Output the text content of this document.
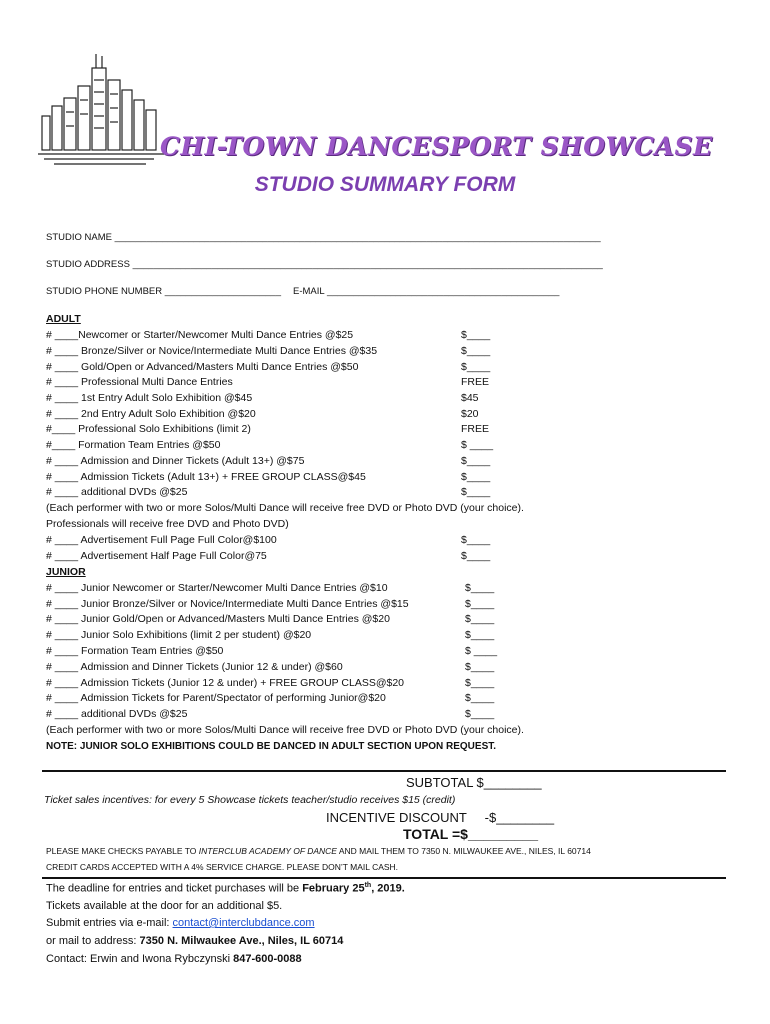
CHI-TOWN DANCESPORT SHOWCASE
STUDIO SUMMARY FORM
STUDIO NAME ____________________________________________________________________________________________
STUDIO ADDRESS _________________________________________________________________________________________
STUDIO PHONE NUMBER ______________________ E-MAIL ____________________________________________
ADULT
# ____Newcomer or Starter/Newcomer Multi Dance Entries @$25	$____
# ____ Bronze/Silver or Novice/Intermediate Multi Dance Entries @$35	$____
# ____ Gold/Open or Advanced/Masters Multi Dance Entries @$50	$____
# ____ Professional Multi Dance Entries	FREE
# ____ 1st Entry Adult Solo Exhibition @$45	$45
# ____ 2nd Entry Adult Solo Exhibition @$20	$20
#____ Professional Solo Exhibitions (limit 2)	FREE
#____ Formation Team Entries @$50	$ ____
# ____ Admission and Dinner Tickets (Adult 13+) @$75	$____
# ____ Admission Tickets (Adult 13+) + FREE GROUP CLASS@$45	$____
# ____ additional DVDs @$25	$____
(Each performer with two or more Solos/Multi Dance will receive free DVD or Photo DVD (your choice).
Professionals will receive free DVD and Photo DVD)
# ____ Advertisement Full Page Full Color@$100	$____
# ____ Advertisement Half Page Full Color@75	$____
JUNIOR
# ____ Junior Newcomer or Starter/Newcomer Multi Dance Entries @$10	$____
# ____ Junior Bronze/Silver or Novice/Intermediate Multi Dance Entries @$15	$____
# ____ Junior Gold/Open or Advanced/Masters Multi Dance Entries @$20	$____
# ____ Junior Solo Exhibitions (limit 2 per student) @$20	$____
# ____ Formation Team Entries @$50	$ ____
# ____ Admission and Dinner Tickets (Junior 12 & under) @$60	$____
# ____ Admission Tickets (Junior 12 & under) + FREE GROUP CLASS@$20	$____
# ____ Admission Tickets for Parent/Spectator of performing Junior@$20	$____
# ____ additional DVDs @$25	$____
(Each performer with two or more Solos/Multi Dance will receive free DVD or Photo DVD (your choice).
NOTE: JUNIOR SOLO EXHIBITIONS COULD BE DANCED IN ADULT SECTION UPON REQUEST.
SUBTOTAL $________
Ticket sales incentives: for every 5 Showcase tickets teacher/studio receives $15 (credit)
INCENTIVE DISCOUNT     -$________
TOTAL =$_________
PLEASE MAKE CHECKS PAYABLE TO INTERCLUB ACADEMY OF DANCE AND MAIL THEM TO 7350 N. MILWAUKEE AVE., NILES, IL 60714
CREDIT CARDS ACCEPTED WITH A 4% SERVICE CHARGE. PLEASE DON’T MAIL CASH.
The deadline for entries and ticket purchases will be February 25th, 2019.
Tickets available at the door for an additional $5.
Submit entries via e-mail: contact@interclubdance.com
or mail to address: 7350 N. Milwaukee Ave., Niles, IL 60714
Contact: Erwin and Iwona Rybczynski 847-600-0088
